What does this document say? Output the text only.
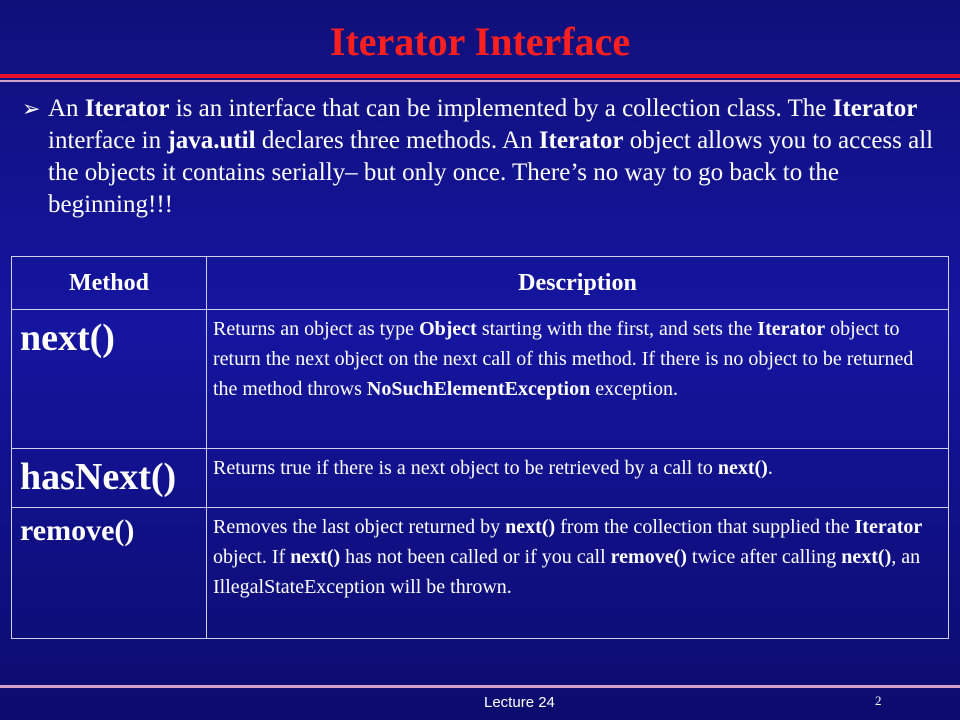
Iterator Interface
➢ An Iterator is an interface that can be implemented by a collection class. The Iterator interface in java.util declares three methods. An Iterator object allows you to access all the objects it contains serially– but only once. There’s no way to go back to the beginning!!!
Method	Description
next()	Returns an object as type Object starting with the first, and sets the Iterator object to return the next object on the next call of this method. If there is no object to be returned the method throws NoSuchElementException exception.
hasNext()	Returns true if there is a next object to be retrieved by a call to next().
remove()	Removes the last object returned by next() from the collection that supplied the Iterator object. If next() has not been called or if you call remove() twice after calling next(), an IllegalStateException will be thrown.
Lecture 24	2
